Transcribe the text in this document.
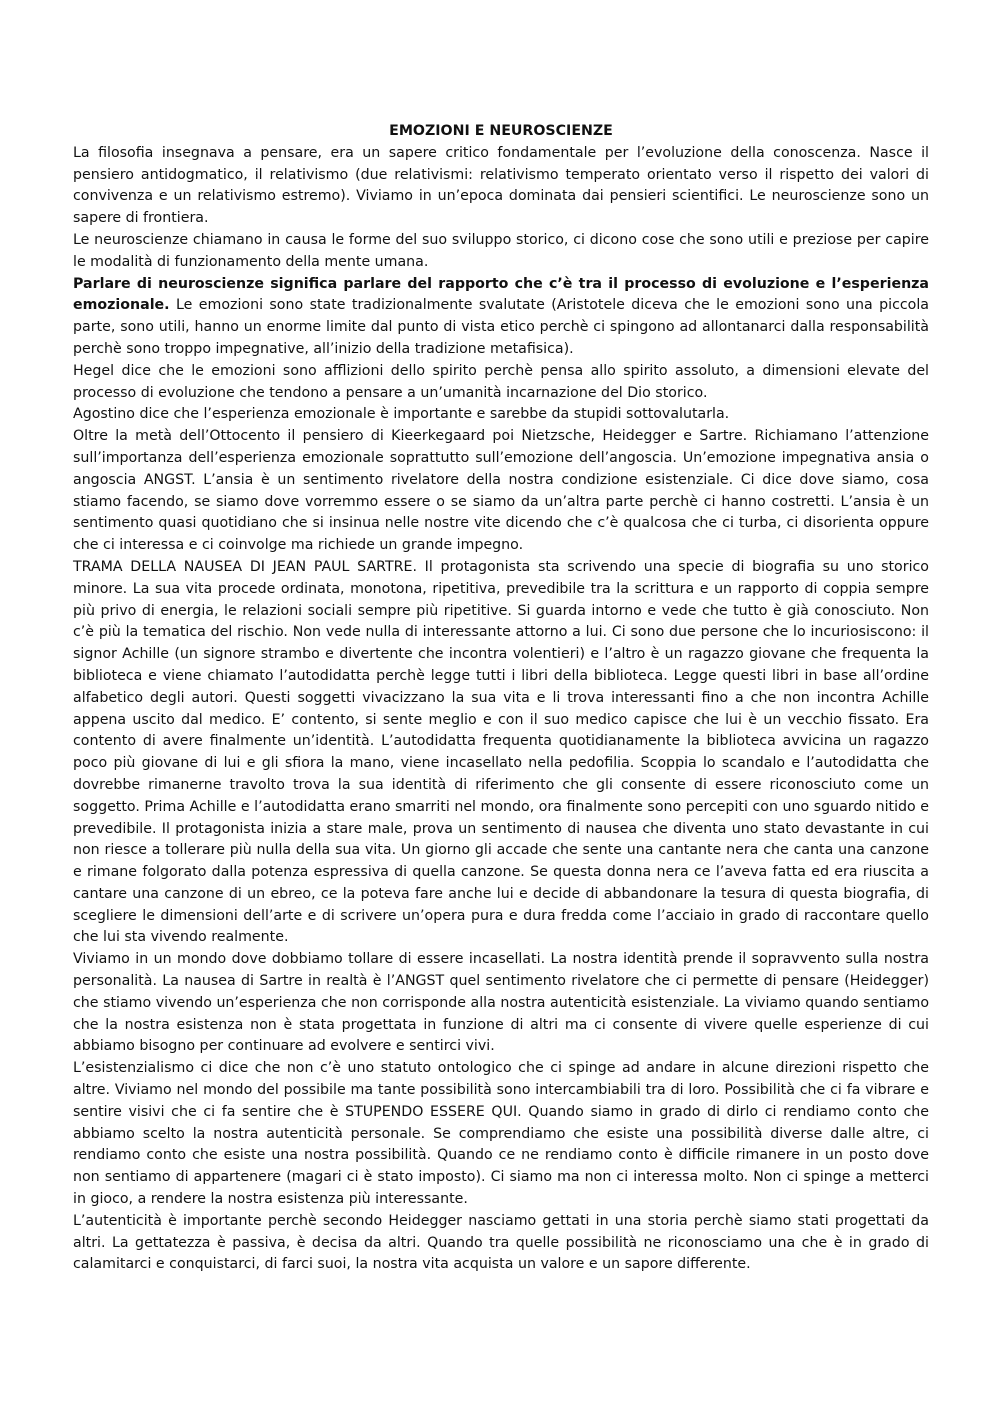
EMOZIONI E NEUROSCIENZE

La filosofia insegnava a pensare, era un sapere critico fondamentale per l’evoluzione della conoscenza. Nasce il pensiero antidogmatico, il relativismo (due relativismi: relativismo temperato orientato verso il rispetto dei valori di convivenza e un relativismo estremo). Viviamo in un’epoca dominata dai pensieri scientifici. Le neuroscienze sono un sapere di frontiera.

Le neuroscienze chiamano in causa le forme del suo sviluppo storico, ci dicono cose che sono utili e preziose per capire le modalità di funzionamento della mente umana.

Parlare di neuroscienze significa parlare del rapporto che c’è tra il processo di evoluzione e l’esperienza emozionale. Le emozioni sono state tradizionalmente svalutate (Aristotele diceva che le emozioni sono una piccola parte, sono utili, hanno un enorme limite dal punto di vista etico perchè ci spingono ad allontanarci dalla responsabilità perchè sono troppo impegnative, all’inizio della tradizione metafisica).

Hegel dice che le emozioni sono afflizioni dello spirito perchè pensa allo spirito assoluto, a dimensioni elevate del processo di evoluzione che tendono a pensare a un’umanità incarnazione del Dio storico.

Agostino dice che l’esperienza emozionale è importante e sarebbe da stupidi sottovalutarla.

Oltre la metà dell’Ottocento il pensiero di Kieerkegaard poi Nietzsche, Heidegger e Sartre. Richiamano l’attenzione sull’importanza dell’esperienza emozionale soprattutto sull’emozione dell’angoscia. Un’emozione impegnativa ansia o angoscia ANGST. L’ansia è un sentimento rivelatore della nostra condizione esistenziale. Ci dice dove siamo, cosa stiamo facendo, se siamo dove vorremmo essere o se siamo da un’altra parte perchè ci hanno costretti. L’ansia è un sentimento quasi quotidiano che si insinua nelle nostre vite dicendo che c’è qualcosa che ci turba, ci disorienta oppure che ci interessa e ci coinvolge ma richiede un grande impegno.

TRAMA DELLA NAUSEA DI JEAN PAUL SARTRE. Il protagonista sta scrivendo una specie di biografia su uno storico minore. La sua vita procede ordinata, monotona, ripetitiva, prevedibile tra la scrittura e un rapporto di coppia sempre più privo di energia, le relazioni sociali sempre più ripetitive. Si guarda intorno e vede che tutto è già conosciuto. Non c’è più la tematica del rischio. Non vede nulla di interessante attorno a lui. Ci sono due persone che lo incuriosiscono: il signor Achille (un signore strambo e divertente che incontra volentieri) e l’altro è un ragazzo giovane che frequenta la biblioteca e viene chiamato l’autodidatta perchè legge tutti i libri della biblioteca. Legge questi libri in base all’ordine alfabetico degli autori. Questi soggetti vivacizzano la sua vita e li trova interessanti fino a che non incontra Achille appena uscito dal medico. E’ contento, si sente meglio e con il suo medico capisce che lui è un vecchio fissato. Era contento di avere finalmente un’identità. L’autodidatta frequenta quotidianamente la biblioteca avvicina un ragazzo poco più giovane di lui e gli sfiora la mano, viene incasellato nella pedofilia. Scoppia lo scandalo e l’autodidatta che dovrebbe rimanerne travolto trova la sua identità di riferimento che gli consente di essere riconosciuto come un soggetto. Prima Achille e l’autodidatta erano smarriti nel mondo, ora finalmente sono percepiti con uno sguardo nitido e prevedibile. Il protagonista inizia a stare male, prova un sentimento di nausea che diventa uno stato devastante in cui non riesce a tollerare più nulla della sua vita. Un giorno gli accade che sente una cantante nera che canta una canzone e rimane folgorato dalla potenza espressiva di quella canzone. Se questa donna nera ce l’aveva fatta ed era riuscita a cantare una canzone di un ebreo, ce la poteva fare anche lui e decide di abbandonare la tesura di questa biografia, di scegliere le dimensioni dell’arte e di scrivere un’opera pura e dura fredda come l’acciaio in grado di raccontare quello che lui sta vivendo realmente.

Viviamo in un mondo dove dobbiamo tollare di essere incasellati. La nostra identità prende il sopravvento sulla nostra personalità. La nausea di Sartre in realtà è l’ANGST quel sentimento rivelatore che ci permette di pensare (Heidegger) che stiamo vivendo un’esperienza che non corrisponde alla nostra autenticità esistenziale. La viviamo quando sentiamo che la nostra esistenza non è stata progettata in funzione di altri ma ci consente di vivere quelle esperienze di cui abbiamo bisogno per continuare ad evolvere e sentirci vivi.

L’esistenzialismo ci dice che non c’è uno statuto ontologico che ci spinge ad andare in alcune direzioni rispetto che altre. Viviamo nel mondo del possibile ma tante possibilità sono intercambiabili tra di loro. Possibilità che ci fa vibrare e sentire visivi che ci fa sentire che è STUPENDO ESSERE QUI. Quando siamo in grado di dirlo ci rendiamo conto che abbiamo scelto la nostra autenticità personale. Se comprendiamo che esiste una possibilità diverse dalle altre, ci rendiamo conto che esiste una nostra possibilità. Quando ce ne rendiamo conto è difficile rimanere in un posto dove non sentiamo di appartenere (magari ci è stato imposto). Ci siamo ma non ci interessa molto. Non ci spinge a metterci in gioco, a rendere la nostra esistenza più interessante.

L’autenticità è importante perchè secondo Heidegger nasciamo gettati in una storia perchè siamo stati progettati da altri. La gettatezza è passiva, è decisa da altri. Quando tra quelle possibilità ne riconosciamo una che è in grado di calamitarci e conquistarci, di farci suoi, la nostra vita acquista un valore e un sapore differente.
